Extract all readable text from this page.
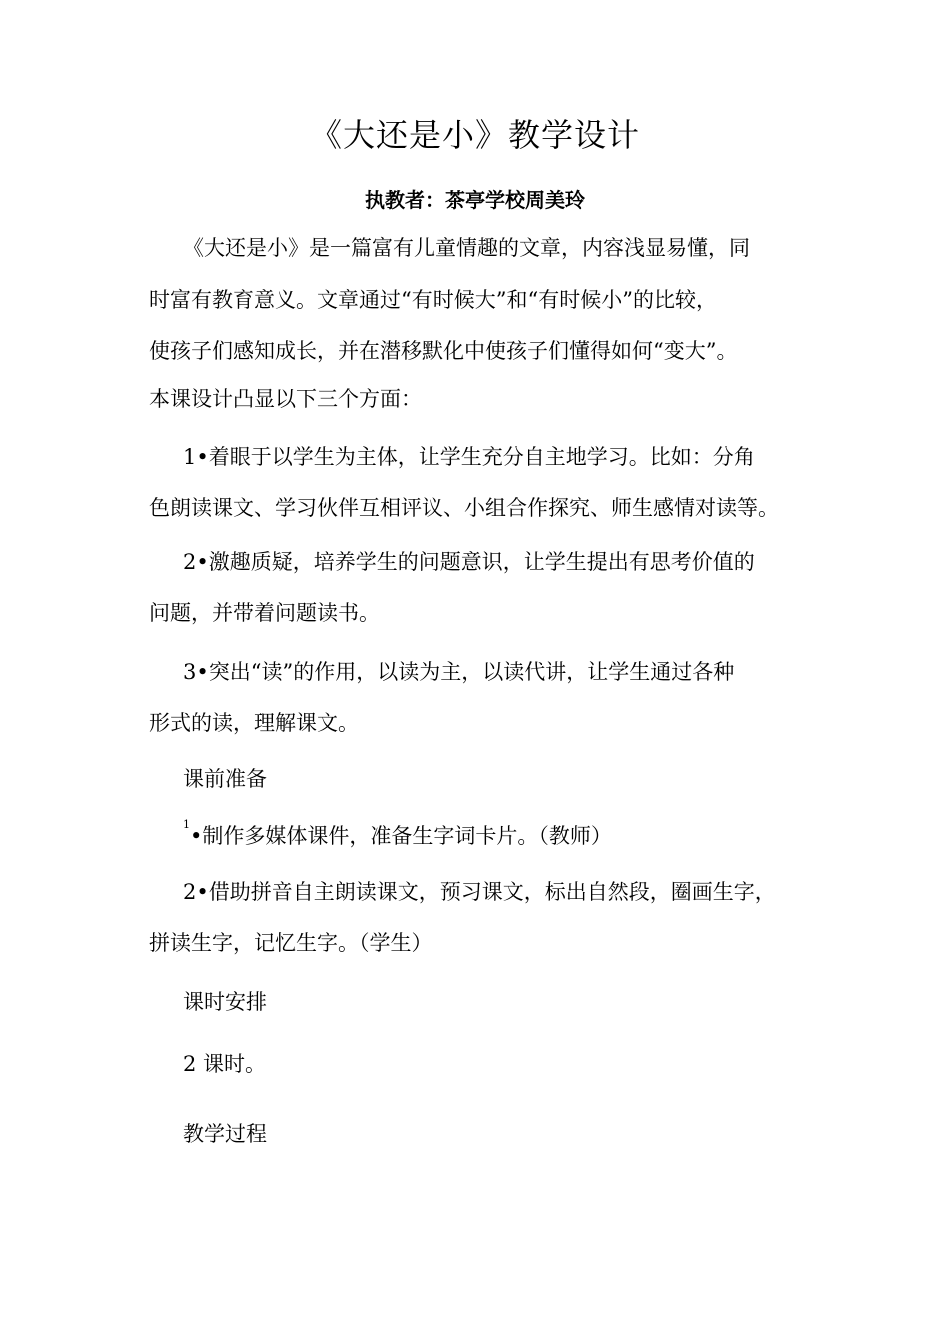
《大还是小》教学设计
执教者：茶亭学校周美玲
《大还是小》是一篇富有儿童情趣的文章，内容浅显易懂，同
时富有教育意义。文章通过“有时候大”和“有时候小”的比较，
使孩子们感知成长，并在潜移默化中使孩子们懂得如何“变大”。
本课设计凸显以下三个方面：
1•着眼于以学生为主体，让学生充分自主地学习。比如：分角
色朗读课文、学习伙伴互相评议、小组合作探究、师生感情对读等。
2•激趣质疑，培养学生的问题意识，让学生提出有思考价值的
问题，并带着问题读书。
3•突出“读”的作用，以读为主，以读代讲，让学生通过各种
形式的读，理解课文。
课前准备
$^1$•制作多媒体课件，准备生字词卡片。（教师）
2•借助拼音自主朗读课文，预习课文，标出自然段，圈画生字，
拼读生字，记忆生字。（学生）
课时安排
2 课时。
教学过程
